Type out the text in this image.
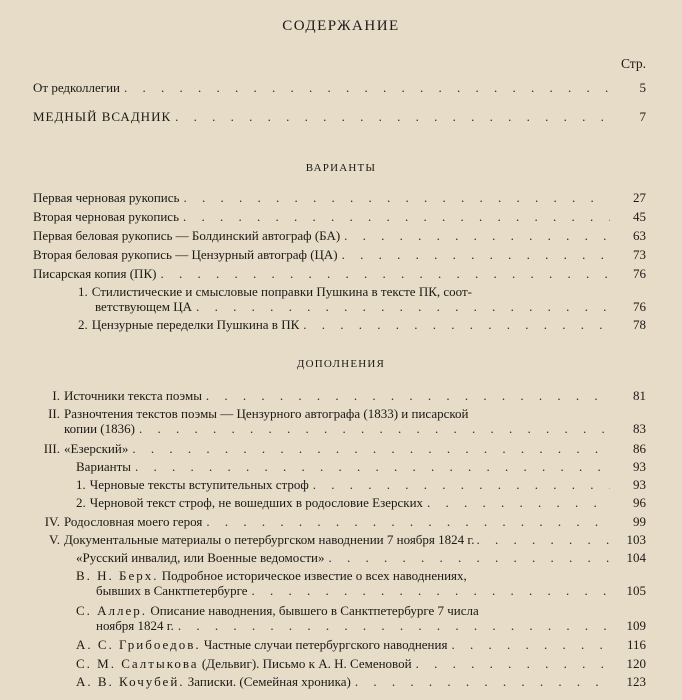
СОДЕРЖАНИЕ
Стр.
От редколлегии . . .	5
МЕДНЫЙ ВСАДНИК . . .	7
ВАРИАНТЫ
Первая черновая рукопись . . .	27
Вторая черновая рукопись . . .	45
Первая беловая рукопись — Болдинский автограф (БА) . . .	63
Вторая беловая рукопись — Цензурный автограф (ЦА) . . .	73
Писарская копия (ПК) . . .	76
1. Стилистические и смысловые поправки Пушкина в тексте ПК, соот-
ветствующем ЦА . . .	76
2. Цензурные переделки Пушкина в ПК . . .	78
ДОПОЛНЕНИЯ
I. Источники текста поэмы . . .	81
II. Разночтения текстов поэмы — Цензурного автографа (1833) и писарской
копии (1836) . . .	83
III. «Езерский» . . .	86
Варианты . . .	93
1. Черновые тексты вступительных строф . . .	93
2. Черновой текст строф, не вошедших в родословие Езерских . . .	96
IV. Родословная моего героя . . .	99
V. Документальные материалы о петербургском наводнении 7 ноября 1824 г. . . .	103
«Русский инвалид, или Военные ведомости» . . .	104
В. Н. Берх.
Подробное историческое известие о всех наводнениях,
бывших в Санктпетербурге . . .	105
С. Аллер.
Описание наводнения, бывшего в Санктпетербурге 7 числа
ноября 1824 г. . . .	109
А. С. Грибоедов.
Частные случаи петербургского наводнения . . .	116
С. М. Салтыкова
(Дельвиг). Письмо к А. Н. Семеновой . . .	120
А. В. Кочубей.
Записки. (Семейная хроника) . . .	123
